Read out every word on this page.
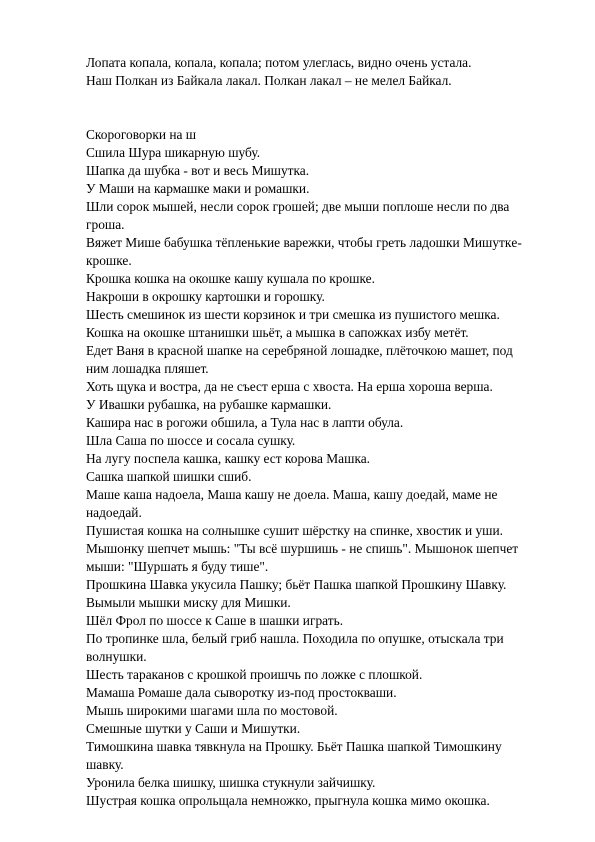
Лопата копала, копала, копала; потом улеглась, видно очень устала.

Наш Полкан из Байкала лакал. Полкан лакал – не мелел Байкал.

Скороговорки на ш

Сшила Шура шикарную шубу.

Шапка да шубка - вот и весь Мишутка.

У Маши на кармашке маки и ромашки.

Шли сорок мышей, несли сорок грошей; две мыши поплоше несли по два гроша.

Вяжет Мише бабушка тёпленькие варежки, чтобы греть ладошки Мишуткe-крошке.

Крошка кошка на окошке кашу кушала по крошке.

Накроши в окрошку картошки и горошку.

Шесть смешинок из шести корзинок и три смешка из пушистого мешка.

Кошка на окошке штанишки шьёт, а мышка в сапожках избу метёт.

Едет Ваня в красной шапке на серебряной лошадке, плёточкою машет, под ним лошадка пляшет.

Хоть щука и востра, да не съест ерша с хвоста. На ерша хороша верша.

У Ивашки рубашка, на рубашке кармашки.

Кашира нас в рогожи обшила, а Тула нас в лапти обула.

Шла Саша по шоссе и сосала сушку.

На лугу поспела кашка, кашку ест корова Машка.

Сашка шапкой шишки сшиб.

Маше каша надоела, Маша кашу не доела. Маша, кашу доедай, маме не надоедай.

Пушистая кошка на солнышке сушит шёрстку на спинке, хвостик и уши.

Мышонку шепчет мышь: "Ты всё шуршишь - не спишь". Мышонок шепчет мыши: "Шуршать я буду тише".

Прошкина Шавка укусила Пашку; бьёт Пашка шапкой Прошкину Шавку.

Вымыли мышки миску для Мишки.

Шёл Фрол по шоссе к Саше в шашки играть.

По тропинке шла, белый гриб нашла. Походила по опушке, отыскала три волнушки.

Шесть тараканов с крошкой проишчь по ложке с плошкой.

Мамаша Ромаше дала сыворотку из-под простокваши.

Мышь широкими шагами шла по мостовой.

Смешные шутки у Саши и Мишутки.

Тимошкина шавка тявкнула на Прошку. Бьёт Пашка шапкой Тимошкину шавку.

Уронила белка шишку, шишка стукнули зайчишку.

Шустрая кошка опрольщала немножко, прыгнула кошка мимо окошка.
